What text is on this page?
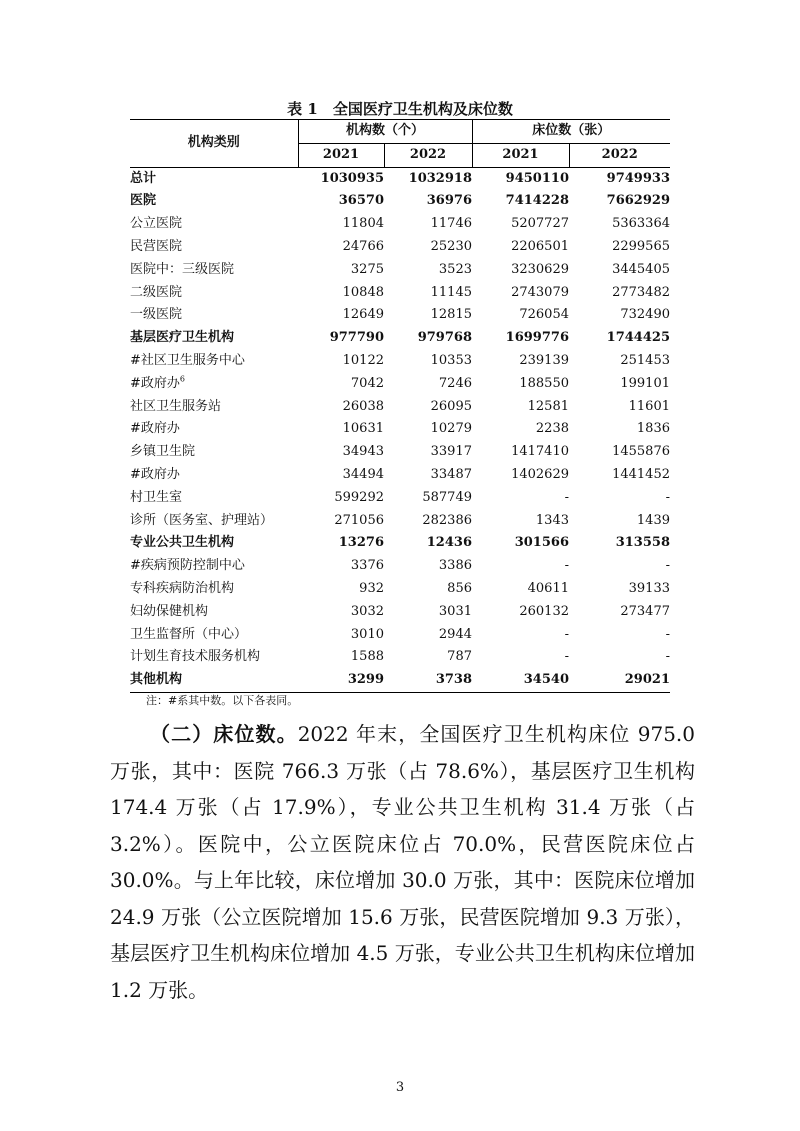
表 1　全国医疗卫生机构及床位数
机构类别	机构数（个）		床位数（张）	
	2021	2022	2021	2022
总计	1030935	1032918	9450110	9749933
医院	36570	36976	7414228	7662929
公立医院	11804	11746	5207727	5363364
民营医院	24766	25230	2206501	2299565
医院中：三级医院	3275	3523	3230629	3445405
二级医院	10848	11145	2743079	2773482
一级医院	12649	12815	726054	732490
基层医疗卫生机构	977790	979768	1699776	1744425
#社区卫生服务中心	10122	10353	239139	251453
#政府办$^6$	7042	7246	188550	199101
社区卫生服务站	26038	26095	12581	11601
#政府办	10631	10279	2238	1836
乡镇卫生院	34943	33917	1417410	1455876
#政府办	34494	33487	1402629	1441452
村卫生室	599292	587749	-	-
诊所（医务室、护理站）	271056	282386	1343	1439
专业公共卫生机构	13276	12436	301566	313558
#疾病预防控制中心	3376	3386	-	-
专科疾病防治机构	932	856	40611	39133
妇幼保健机构	3032	3031	260132	273477
卫生监督所（中心）	3010	2944	-	-
计划生育技术服务机构	1588	787	-	-
其他机构	3299	3738	34540	29021
注：#系其中数。以下各表同。
（二）床位数。2022 年末，全国医疗卫生机构床位 975.0 万张，其中：医院 766.3 万张（占 78.6%），基层医疗卫生机构 174.4 万张（占 17.9%），专业公共卫生机构 31.4 万张（占 3.2%）。医院中，公立医院床位占 70.0%，民营医院床位占 30.0%。与上年比较，床位增加 30.0 万张，其中：医院床位增加 24.9 万张（公立医院增加 15.6 万张，民营医院增加 9.3 万张），基层医疗卫生机构床位增加 4.5 万张，专业公共卫生机构床位增加 1.2 万张。
3
